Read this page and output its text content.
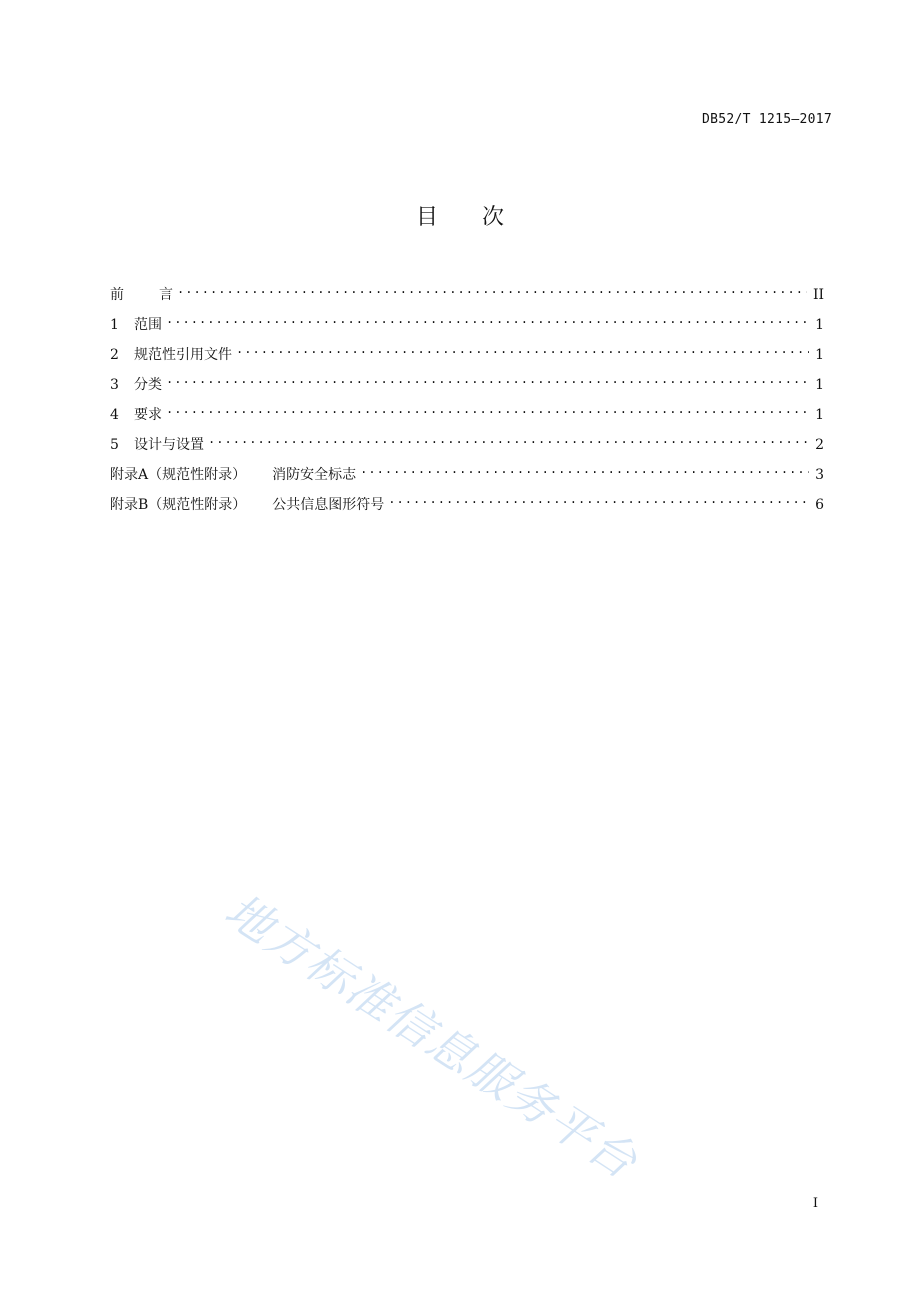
DB52/T 1215—2017
目次
前言 . . .	II
1	范围 . . .	1
2	规范性引用文件 . . .	1
3	分类 . . .	1
4	要求 . . .	1
5	设计与设置 . . .	2
附录A（规范性附录） 消防安全标志 . . .	3
附录B（规范性附录） 公共信息图形符号 . . .	6
地方标准信息服务平台
I
